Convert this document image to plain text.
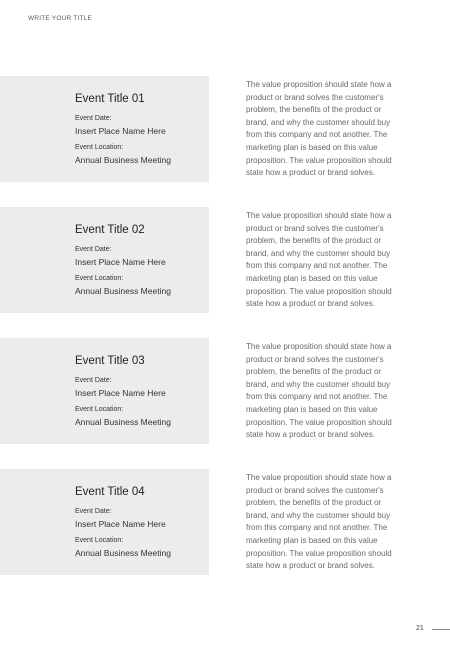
WRITE YOUR TITLE
Event Title 01
Event Date:
Insert Place Name Here
Event Location:
Annual Business Meeting
The value proposition should state how a product or brand solves the customer's problem, the benefits of the product or brand, and why the customer should buy from this company and not another. The marketing plan is based on this value proposition. The value proposition should state how a product or brand solves.
Event Title 02
Event Date:
Insert Place Name Here
Event Location:
Annual Business Meeting
The value proposition should state how a product or brand solves the customer's problem, the benefits of the product or brand, and why the customer should buy from this company and not another. The marketing plan is based on this value proposition. The value proposition should state how a product or brand solves.
Event Title 03
Event Date:
Insert Place Name Here
Event Location:
Annual Business Meeting
The value proposition should state how a product or brand solves the customer's problem, the benefits of the product or brand, and why the customer should buy from this company and not another. The marketing plan is based on this value proposition. The value proposition should state how a product or brand solves.
Event Title 04
Event Date:
Insert Place Name Here
Event Location:
Annual Business Meeting
The value proposition should state how a product or brand solves the customer's problem, the benefits of the product or brand, and why the customer should buy from this company and not another. The marketing plan is based on this value proposition. The value proposition should state how a product or brand solves.
21
